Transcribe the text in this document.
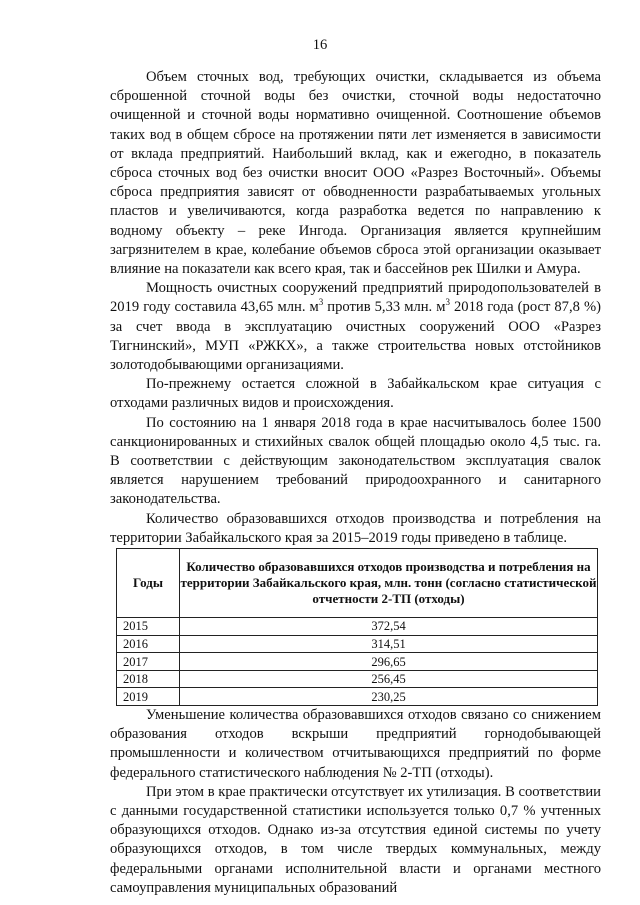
16

Объем сточных вод, требующих очистки, складывается из объема сброшенной сточной воды без очистки, сточной воды недостаточно очищенной и сточной воды нормативно очищенной. Соотношение объемов таких вод в общем сбросе на протяжении пяти лет изменяется в зависимости от вклада предприятий. Наибольший вклад, как и ежегодно, в показатель сброса сточных вод без очистки вносит ООО «Разрез Восточный». Объемы сброса предприятия зависят от обводненности разрабатываемых угольных пластов и увеличиваются, когда разработка ведется по направлению к водному объекту – реке Ингода. Организация является крупнейшим загрязнителем в крае, колебание объемов сброса этой организации оказывает влияние на показатели как всего края, так и бассейнов рек Шилки и Амура.

Мощность очистных сооружений предприятий природопользователей в 2019 году составила 43,65 млн. $м^3$ против 5,33 млн. $м^3$ 2018 года (рост 87,8 %) за счет ввода в эксплуатацию очистных сооружений ООО «Разрез Тигнинский», МУП «РЖКХ», а также строительства новых отстойников золотодобывающими организациями.

По-прежнему остается сложной в Забайкальском крае ситуация с отходами различных видов и происхождения.

По состоянию на 1 января 2018 года в крае насчитывалось более 1500 санкционированных и стихийных свалок общей площадью около 4,5 тыс. га. В соответствии с действующим законодательством эксплуатация свалок является нарушением требований природоохранного и санитарного законодательства.

Количество образовавшихся отходов производства и потребления на территории Забайкальского края за 2015–2019 годы приведено в таблице.

Годы	Количество образовавшихся отходов производства и потребления на территории Забайкальского края, млн. тонн (согласно статистической отчетности 2-ТП (отходы)
2015	372,54
2016	314,51
2017	296,65
2018	256,45
2019	230,25

Уменьшение количества образовавшихся отходов связано со снижением образования отходов вскрыши предприятий горнодобывающей промышленности и количеством отчитывающихся предприятий по форме федерального статистического наблюдения № 2-ТП (отходы).

При этом в крае практически отсутствует их утилизация. В соответствии с данными государственной статистики используется только 0,7 % учтенных образующихся отходов. Однако из-за отсутствия единой системы по учету образующихся отходов, в том числе твердых коммунальных, между федеральными органами исполнительной власти и органами местного самоуправления муниципальных образований
